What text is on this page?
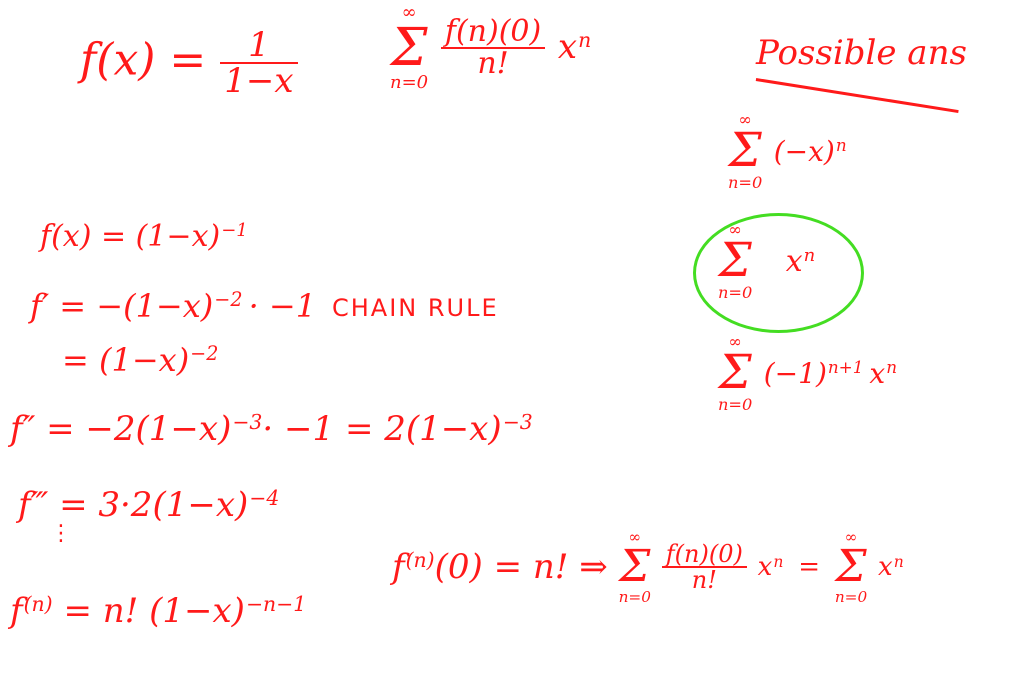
$f(x) = \frac{1}{1-x}$
∞
Σ
n=0

$\frac{f(n)(0)}{n!} x^n$	Possible ans
∞
Σ
n=0
$(-x)^n$
∞
Σ
n=0
$x^n$
∞
Σ
n=0
$(-1)^{n+1}$ $x^n$
$f(x) = (1-x)^{-1}$
$f' = -(1-x)^{-2} \cdot -1$ CHAIN RULE
= $(1-x)^{-2}$
$f'' = -2(1-x)^{-3}\cdot -1 = 2(1-x)^{-3}$
f‴ = $3\cdot 2(1-x)^{-4}$
⋮
$f^{(n)} = n$! $(1-x)^{-n-1}$
$f^{(n)}(0) = n$! ⇒
∞
Σ
n=0

$\frac{f(n)(0)}{n!} x^n$ =
∞
Σ
n=0
$x^n$
